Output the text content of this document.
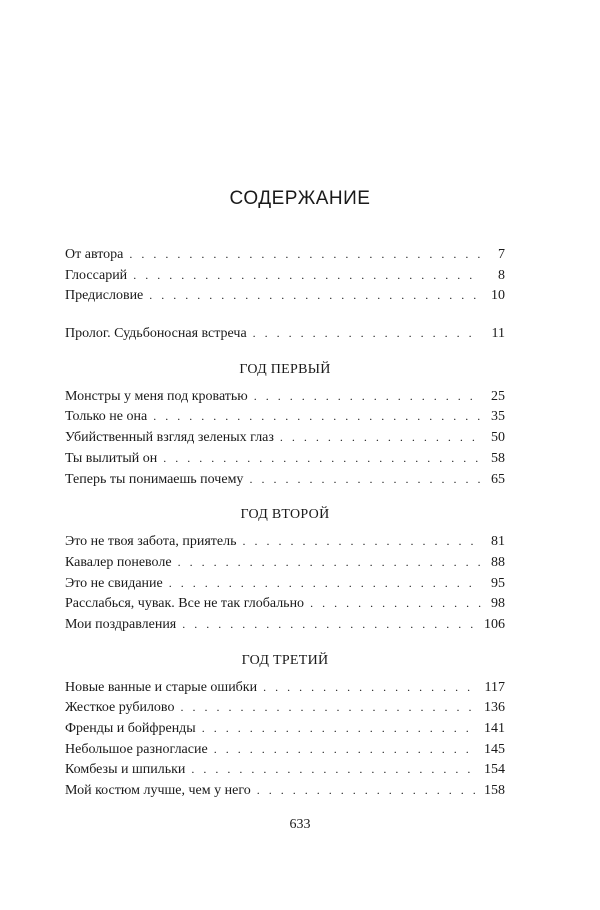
СОДЕРЖАНИЕ
От автора . . .	7
Глоссарий . . .	8
Предисловие . . .	10
Пролог. Судьбоносная встреча . . .	11
ГОД ПЕРВЫЙ
Монстры у меня под кроватью . . .	25
Только не она . . .	35
Убийственный взгляд зеленых глаз . . .	50
Ты вылитый он . . .	58
Теперь ты понимаешь почему . . .	65
ГОД ВТОРОЙ
Это не твоя забота, приятель . . .	81
Кавалер поневоле . . .	88
Это не свидание . . .	95
Расслабься, чувак. Все не так глобально . . .	98
Мои поздравления . . .	106
ГОД ТРЕТИЙ
Новые ванные и старые ошибки . . .	117
Жесткое рубилово . . .	136
Френды и бойфренды . . .	141
Небольшое разногласие . . .	145
Комбезы и шпильки . . .	154
Мой костюм лучше, чем у него . . .	158
633
